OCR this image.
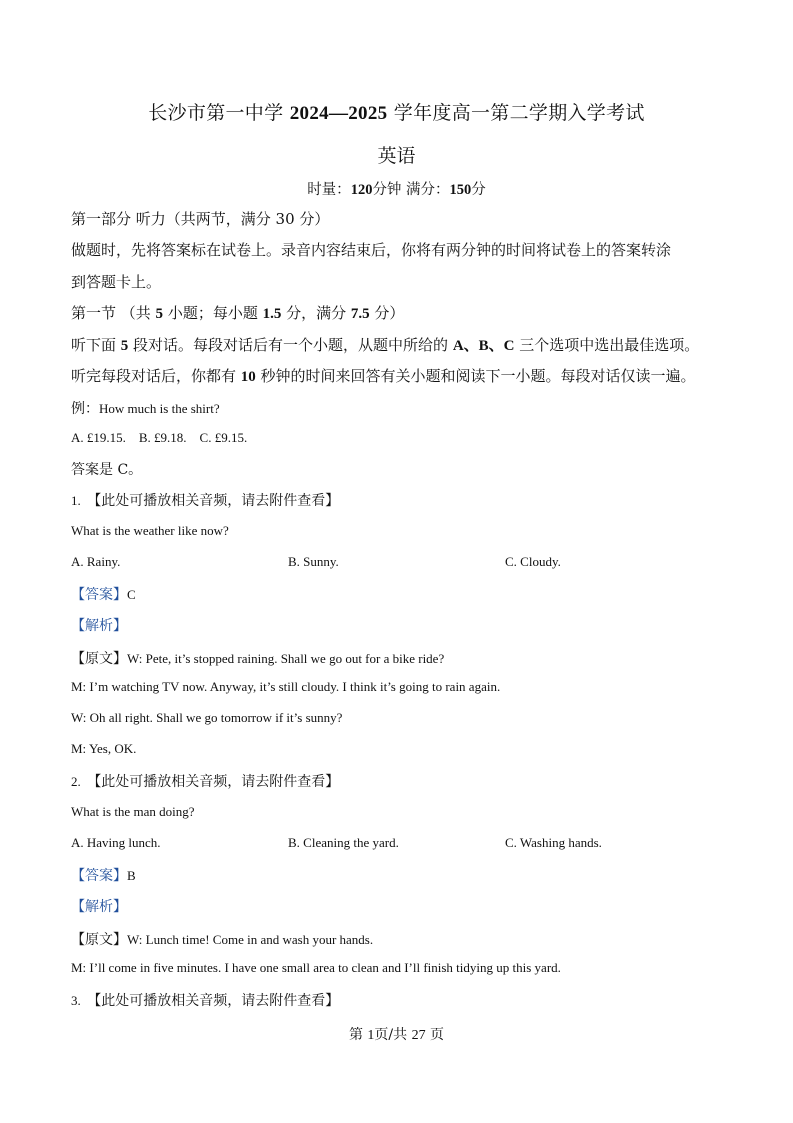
长沙市第一中学 2024—2025 学年度高一第二学期入学考试
英语
时量：120分钟 满分：150分
第一部分 听力（共两节，满分 30 分）
做题时，先将答案标在试卷上。录音内容结束后，你将有两分钟的时间将试卷上的答案转涂
到答题卡上。
第一节 （共 5 小题；每小题 1.5 分，满分 7.5 分）
听下面 5 段对话。每段对话后有一个小题，从题中所给的 A、B、C 三个选项中选出最佳选项。
听完每段对话后，你都有 10 秒钟的时间来回答有关小题和阅读下一小题。每段对话仅读一遍。
例：How much is the shirt?
A. £19.15.    B. £9.18.    C. £9.15.
答案是 C。
1.  【此处可播放相关音频，请去附件查看】
What is the weather like now?
A. Rainy.	B. Sunny.	C. Cloudy.
【答案】C
【解析】
【原文】W: Pete, it’s stopped raining. Shall we go out for a bike ride?
M: I’m watching TV now. Anyway, it’s still cloudy. I think it’s going to rain again.
W: Oh all right. Shall we go tomorrow if it’s sunny?
M: Yes, OK.
2.  【此处可播放相关音频，请去附件查看】
What is the man doing?
A. Having lunch.	B. Cleaning the yard.	C. Washing hands.
【答案】B
【解析】
【原文】W: Lunch time! Come in and wash your hands.
M: I’ll come in five minutes. I have one small area to clean and I’ll finish tidying up this yard.
3.  【此处可播放相关音频，请去附件查看】
第 1页/共 27 页
